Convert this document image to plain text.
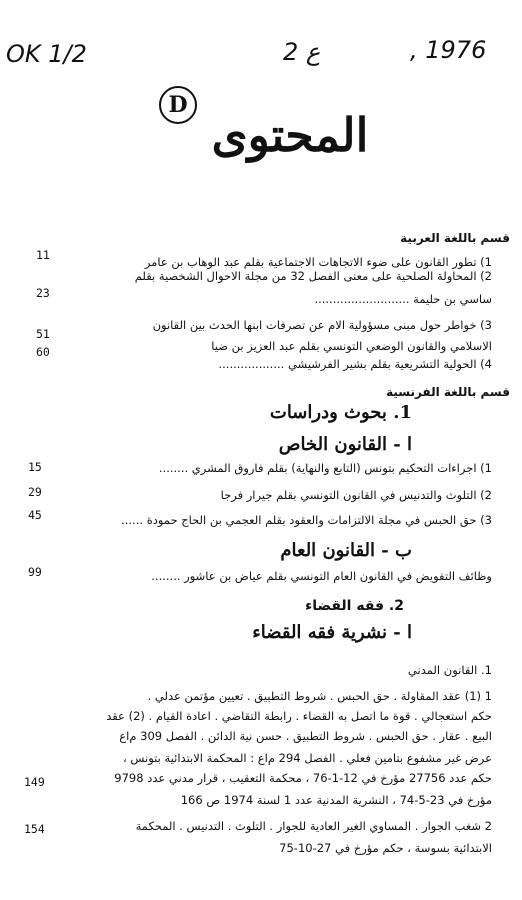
OK 1/2	2 ع	, 1976
D
المحتوى
قسم باللغة العربية
1) تطور القانون على ضوء الاتجاهات الاجتماعية بقلم عبد الوهاب بن عامر
11
2) المحاولة الصلحية على معنى الفصل 32 من مجلة الاحوال الشخصية بقلم
ساسي بن حليمة ..........................
23
3) خواطر حول مبنى مسؤولية الام عن تصرفات ابنها الحدث بين القانون
الاسلامي والقانون الوضعي التونسي بقلم عبد العزيز بن ضيا
51
4) الحولية التشريعية بقلم بشير الفرشيشي ..................
60
قسم باللغة الفرنسية
1. بحوث ودراسات
ا - القانون الخاص
1) اجراءات التحكيم بتونس (التابع والنهاية) بقلم فاروق المشري ........
15
2) التلوث والتدنيس في القانون التونسي بقلم جيرار فرجا
29
3) حق الحبس في مجلة الالتزامات والعقود بقلم العجمي بن الحاج حمودة ......
45
ب - القانون العام
وظائف التفويض في القانون العام التونسي بقلم عياض بن عاشور ........
99
2. فقه القضاء
ا - نشرية فقه القضاء
1. القانون المدني
1 (1) عقد المقاولة . حق الحبس . شروط التطبيق . تعيين مؤتمن عدلي .
حكم استعجالي . قوة ما اتصل به القضاء . رابطة التقاضي . اعادة القيام . (2) عقد
البيع . عقار . حق الحبس . شروط التطبيق . حسن نية الدائن . الفصل 309 م‌اع
عرض غير مشفوع بتامين فعلي . الفصل 294 م‌اع : المحكمة الابتدائية بتونس ،
حكم عدد 27756 مؤرخ في 12-1-76 ، محكمة التعقيب ، قرار مدني عدد 9798
مؤرخ في 23-5-74 ، النشرية المدنية عدد 1 لسنة 1974 ص 166
149
2 شغب الجوار . المساوي الغير العادية للجوار . التلوث . التدنيس . المحكمة
الابتدائية بسوسة ، حكم مؤرخ في 27-10-75
154
